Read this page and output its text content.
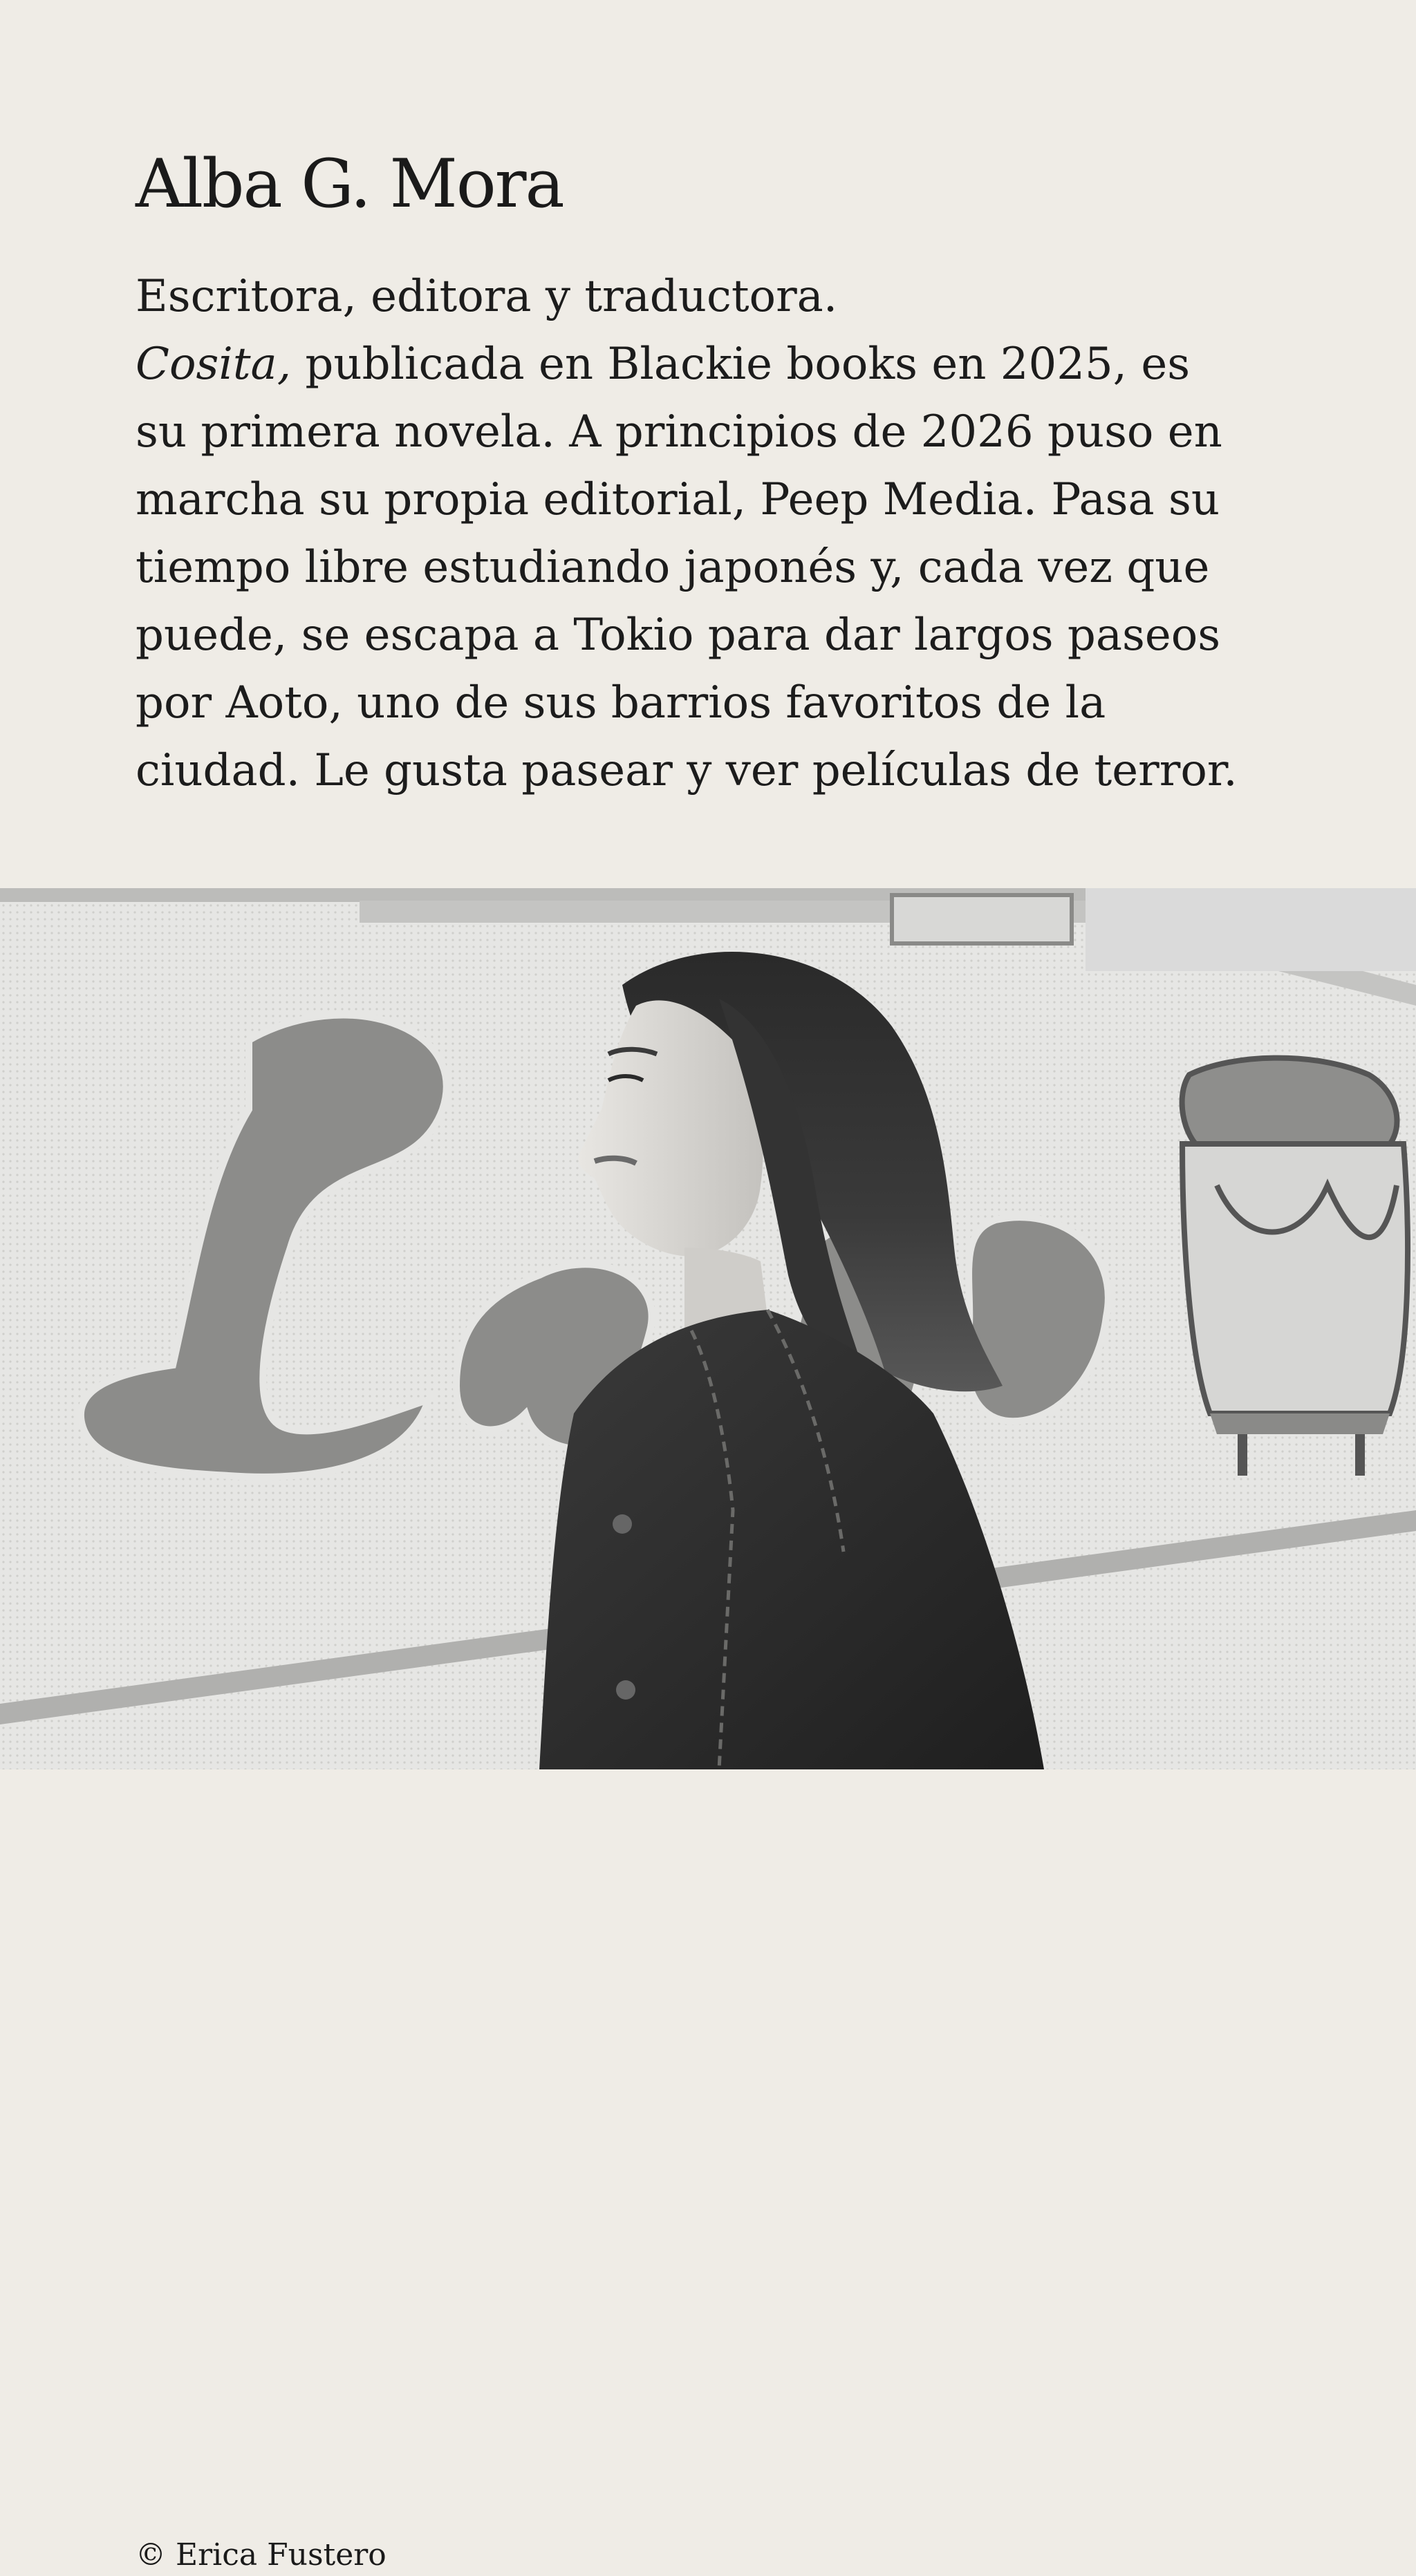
Alba G. Mora
Escritora, editora y traductora.
Cosita, publicada en Blackie books en 2025, es
su primera novela. A principios de 2026 puso en
marcha su propia editorial, Peep Media. Pasa su
tiempo libre estudiando japonés y, cada vez que
puede, se escapa a Tokio para dar largos paseos
por Aoto, uno de sus barrios favoritos de la
ciudad. Le gusta pasear y ver películas de terror.
© Erica Fustero
